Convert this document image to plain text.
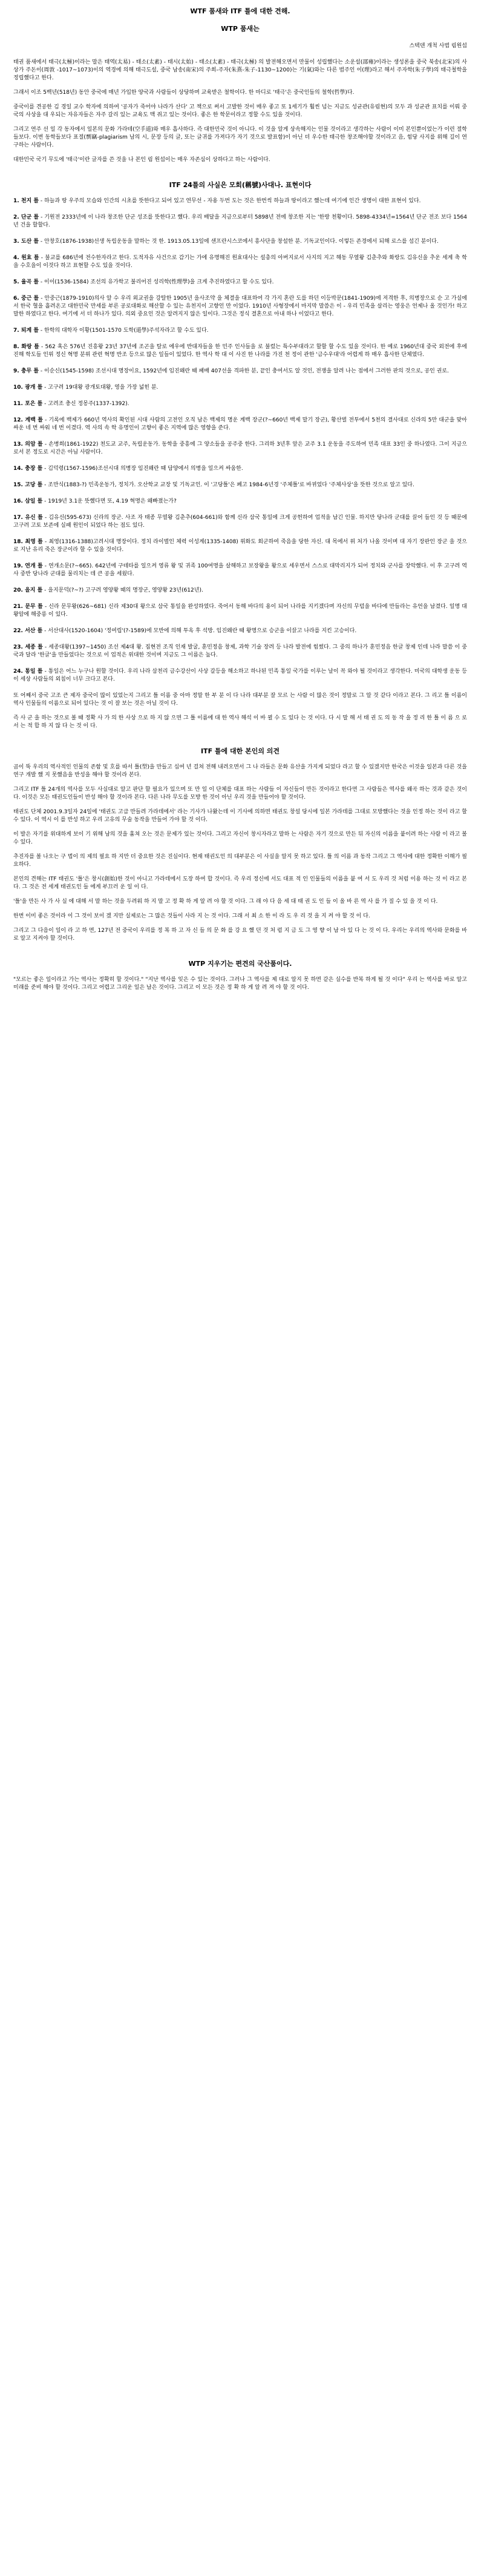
WTF 품새와 ITF 틀에 대한 견해.
WTP 품새는
스텍덴 개척 사범 림원섭

태권 품새에서 태극(太極)이라는 말은 태역(太易) - 태소(太素) - 태시(太始) - 태소(太素) - 태극(太極) 의 발전해오면서 만물이 성립했다는 소운설(邵雍)이라는 생성론을 중국 북송(北宋)의 사상가 주돈이(周敦 -1017~1073)이의 역경에 의해 태극도설, 중국 남송(南宋)의 주희-주자(朱熹-朱子-1130~1200)는 기(氣)와는 다른 범주인 이(理)라고 해서 주자학(朱子學)의 태극철학을 정립했다고 한다.

그래서 이조 5백년(518년) 동안 중국에 매년 가입한 양국과 사람들이 상당하며 교육받은 철학이다. 한 마디로 '태극'은 중국인들의 철학(哲學)다.

중국이를 견공한 김 경일 교수 학자에 의하여 '공자가 죽어야 나라가 산다' 고 책으로 써서 고발한 것이 매우 좋고 또 1세기가 훨씬 넘는 지금도 성균관(유림현)의 모두 과 성균관 표치를 이뤄 중국의 사상을 대 우되는 자유자들은 자주 갈리 있는 교육도 맥 쥐고 있는 것이다. 좋은 한 학문이라고 정할 수도 있을 것이다.

그리고 연주 선 일 각 동자에서 일본의 문화 가라테(空手道)와 매우 흡사하다. 즉 대한민국 것이 아니다. 이 것을 알게 상속해지는 인물 것이라고 생각하는 사람이 이미 본인뿐이었는가 이런 절학들보다. 이번 동학들보다 표절(剽竊-plagiarism 남의 시, 문장 등의 글, 또는 글귀를 가져다가 자기 것으로 발표함)이 아닌 더 우수한 태극한 창조해야할 것이라고 음, 힘당 사지를 위해 길이 연구하는 사람이다.

대한민국 국기 무도에 '태극'이란 글자를 쓴 것을 나 본인 림 원섭이는 매우 자존심이 상하다고 하는 사람이다.

ITF 24틀의 사실은 모회(稱號)사대나. 표현이다
1. 천지 틀 - 하늘과 땅 우주의 모습와 인간의 시초를 뜻한다고 되어 있고 연무선 - 자용 두번 도는 것은 한번씩 하늘과 땅이라고 했는데 여기에 인간 생명이 대한 표현이 있다.
2. 단군 틀 - 기원전 2333년에 이 나라 창조한 단군 성조를 뜻한다고 했다. 우리 배달을 지금으로부터 5898년 전에 창조한 지는 '한랑 천황이다. 5898-4334년=1564년 단군 전조 보다 1564년 건을 할할다.
3. 도산 틀 - 안창호(1876-1938)선생 독립운동을 말하는 것 한. 1913.05.13일에 샌프란시스코에서 흥사단을 창설한 분. 기독교인이다. 이렇든 존경에서 되해 로스를 섬긴 분이다.
4. 원효 틀 - 불교를 686년에 전수한자라고 한다. 도적자유 사건으로 감기는 가에 유명해진 원효대사는 설총의 아버지로서 사지의 지고 해동 무열왕 김춘추와 화랑도 김유신을 추운 세계 축 학을 수호을이 이것다 하고 표현할 수도 있을 것이다.
5. 율곡 틀 - 이이(1536-1584) 조선의 유가학고 불리어진 성리학(性理學)을 크게 추진하였다고 할 수도 있다.
6. 중근 틀 - 안중근(1879-1910)의사 알 수 우리 외교권을 강탈한 1905년 을사조약 을 체결을 대표하여 각 가지 혼란 도를 하던 이등박문(1841-1909)에 저격한 후, 의병장으로 순 고 가실에서 한국 혈을 흘려온고 대한민국 만세를 부른 공로대화로 해산할 수 있는 유천지이 고향인 만 이었다. 1910년 사형장에서 마지막 말씀은 이 - 우리 민족을 살리는 영웅은 언제나 올 것인가! 하고 말한 하였다고 한다. 여기에 서 더 하나가 있다. 의외 중요인 것은 알려지지 않은 일이다. 그것은 정식 결혼으로 아내 하나 이었다고 한다.
7. 퇴계 틀 - 한학의 대학자 이황(1501-1570 도학(道學)주석자라고 할 수도 있다.
8. 화랑 틀 - 562 혹은 576년 진흥왕 23년 37년에 조곤을 탈로 에우에 반대자들을 한 민주 인사들을 로 불렀는 특수부대라고 할할 할 수도 있을 것이다. 한 예로 1960년대 중국 외전에 후에 진해 학도들 인위 정신 혁명 분위 관련 혁명 반조 등으로 많은 일들이 있었다. 한 역사 학 대 이 사진 한 나라를 가진 천 정이 관한 '금수우대'라 어렵게 하 매우 흡사한 단체였다.
9. 충무 틀 - 이순신(1545-1598) 조선시대 명장이요, 1592년에 임진왜란 때 패배 407선을 격파한 분, 끝인 충여서도 알 것인, 전쟁을 알려 나는 점에서 그러한 판의 것으로, 공인 권로.
10. 광개 틀 - 고구려 19대왕 광개토대왕, 영을 가장 넓힌 분.
11. 포은 틀 - 고려조 충신 정몽주(1337-1392).
12. 계백 틀 - 기록에 백제가 660년 역사의 확인된 시대 사람의 고전인 오직 남은 백제의 명운 계백 장군(?~660년 백제 말기 장군), 황산벌 전투에서 5천의 결사대로 신라의 5만 대군을 맞아 싸운 네 번 싸워 네 번 이겼다. 역 사의 속 학 유명인이 고향이 좋은 지역에 많은 영향을 준다.
13. 의암 틀 - 손병희(1861-1922) 천도교 교주, 독립운동가. 동학을 중흥에 그 양소들을 공주중 한다. 그리하 3년후 앞은 교주 3.1 운동을 주도하여 민족 대표 33인 중 하나였다. 그이 지금으로서 본 정도로 시간은 아님 사람이다.
14. 충장 틀 - 김덕령(1567-1596)조선시대 의병장 임진왜란 때 담양에서 의병을 일으켜 싸움한.
15. 고당 틀 - 조만식(1883-?) 민족운동가, 정치가. 오산학교 교장 및 기독교인. 이 '고당틀'은 폐고 1984-6년경 '주체틀'로 바뀌었다 '주체사상'을 뜻한 것으로 알고 있다.
16. 삼일 틀 - 1919년 3.1운 뜻했다면 또, 4.19 혁명은 왜빠졌는가?
17. 유신 틀 - 김유신(595-673) 신라의 장군. 사조 자 태종 무열왕 김춘추(604-661)와 함께 신라 삼국 통일에 크게 공헌하여 업적을 남긴 인물. 하지만 당나라 군대를 끌어 들인 것 등 때문에 고구려 고토 보존에 실패 원인이 되었다 하는 점도 있다.
18. 최영 틀 - 최영(1316-1388)고려시대 명장이다. 정치 라이벌인 체력 이성계(1335-1408) 위화도 회군하여 죽음을 당한 자신. 대 목에서 위 처가 나올 것이며 대 자기 장판인 장군 을 것으로 지난 유리 죽은 장군이라 할 수 있을 것이다.
19. 연개 틀 - 연개소문(?~665). 642년에 구테타를 일으켜 영류 왕 및 귀족 100여명을 살해하고 보장왕을 왕으로 세우면서 스스로 대막리지가 되어 정치와 군사를 장악했다. 이 후 고구려 역사 중반 당나라 군대를 물리치는 데 큰 공을 세웠다.
20. 을지 틀 - 을지문덕(?~?) 고구려 영양왕 때의 명장군, 영양왕 23년(612년).
21. 문무 틀 - 신라 문무왕(626~681) 신라 제30대 왕으로 삼국 통일을 완성하였다. 죽어서 동해 바다의 용이 되어 나라를 지키겠다며 자신의 무덤을 바다에 만들라는 유언을 남겼다. 일명 대왕암에 해중릉 이 있다.
22. 서산 틀 - 서산대사(1520-1604) '정여립'(?-1589)에 모반에 의해 투옥 후 석방. 임진왜란 때 왕명으로 승군을 이끌고 나라를 지킨 고승이다.
23. 세종 틀 - 세종대왕(1397~1450) 조선 제4대 왕. 집현전 조직 인재 발굴, 훈민정음 창제, 과학 기술 장려 등 나라 발전에 힘썼다. 그 중의 하나가 훈민정음 한글 창제 인데 나라 말씀 이 중국과 달라 '한글'을 만들었다는 것으로 이 업적은 위대한 것이며 지금도 그 이름은 높다.
24. 통일 틀 - 통일은 어느 누구나 원할 것이다. 우리 나라 삼천리 금수강산이 사상 갈등을 해소하고 하나된 민족 통일 국가를 이루는 날이 꼭 와야 될 것이라고 생각한다. 미국의 대학생 운동 등 이 세상 사람들의 외침이 너무 크다고 본다.

또 어째서 중국 고조 큰 제자 중국이 많이 있었는지 그리고 틀 이름 중 아마 정말 한 부 분 이 다 나라 대부분 잘 모르 는 사람 이 많은 것이 정말로 그 알 것 같다 이라고 본다. 그 리고 틀 이름이 역사 인물들의 이름으로 되어 있다는 것 이 잘 보는 것은 아닐 것이 다.

즉 사 군 을 하는 것으로 볼 때 정확 사 가 의 한 사상 으로 하 지 않 으면 그 틀 이름에 대 한 역사 해석 이 바 뀔 수 도 있다 는 것 이다. 다 시 말 해 서 태 권 도 의 동 작 을 정 리 한 틀 이 름 으 로 서 는 적 합 하 지 않 다 는 것 이 다.

ITF 틀에 대한 본인의 의견

곰이 뚝 우리의 역사적인 인물의 존함 및 호를 따서 틀(型)을 만들고 십여 년 걸쳐 전해 내려오면서 그 나 라들은 문화 유산을 가지게 되었다 라고 할 수 있겠지만 한국은 이것을 일본과 다른 것을 연구 개발 했 지 못했음을 반성을 해야 할 것이라 본다.

그리고 ITF 틀 24개의 역사를 모두 사실대로 알고 판단 할 필요가 있으며 또 만 일 이 단체를 대표 하는 사람들 이 자신들이 만든 것이라고 한다면 그 사람들은 역사를 왜곡 하는 것과 같은 것이다. 이것은 모든 태권도인들이 반성 해야 할 것이라 본다. 다른 나라 무도를 모방 한 것이 아닌 우리 것을 만들어야 할 것이다.

태권도 단체 2001.9.3일자 24일에 '태권도 고급 만들려 가라데에서' 라는 기사가 나왔는데 이 기사에 의하면 태권도 창설 당시에 일본 가라데를 그대로 모방했다는 것을 인정 하는 것이 라고 할 수 있다. 이 역시 이 를 반성 하고 우리 고유의 무술 동작을 만들어 가야 할 것 이다.

이 발은 자기를 위대하게 보이 기 위해 남의 것을 훔쳐 오는 것은 문제가 있는 것이다. 그리고 자신이 창시자라고 말하 는 사람은 자기 것으로 만든 뒤 자신의 이름을 붙이려 하는 사람 이 라고 볼 수 있다.

추진자를 볼 나오는 구 법이 의 제의 필요 하 지만 더 중요한 것은 진실이다. 현재 태권도인 의 대부분은 이 사실을 알지 못 하고 있다. 틀 의 이름 과 동작 그리고 그 역사에 대한 정확한 이해가 필요하다.

본인의 견해는 ITF 태권도 '틀'은 창시(創始)한 것이 아니고 가라데에서 도장 하여 합 것이다. 즉 우리 정신에 서도 대표 적 인 인물들의 이름을 붙 여 서 도 우리 것 처럼 이용 하는 것 이 라고 본다. 그 것은 전 세계 태권도인 들 에게 부끄러 운 일 이 다.

'틀'을 만든 사 가 사 실 에 대해 서 말 하는 것을 두려워 하 지 말 고 정 확 하 게 알 려 야 할 것 이다. 그 래 야 다 음 세 대 태 권 도 인 들 이 올 바 른 역 사 를 가 질 수 있 을 것 이 다.

한번 이미 좋은 것이라 이 그 것이 보이 겠 지만 실제로는 그 많은 것들이 사라 지 는 것 이다. 그래 서 최 소 한 이 라 도 우 리 것 을 지 켜 야 할 것 이 다.

그리고 그 다음이 일이 라 고 하 면, 127년 전 중국이 우리를 정 복 하 고 자 신 들 의 문 화 를 강 요 했 던 것 처 럼 지 금 도 그 영 향 이 남 아 있 다 는 것 이 다. 우리는 우리의 역사와 문화를 바로 알고 지켜야 할 것이다.

WTP 지우기는 편견의 국산품이다.

"모르는 좋은 일이라고 가는 역사는 정확히 할 것이다." "지난 역사를 잊은 수 있는 것이다. 그러나 그 역사를 제 대로 알지 못 하면 같은 실수를 반복 하게 될 것 이다" 우리 는 역사를 바로 알고 미래를 준비 해야 할 것이다. 그리고 어렵고 그리운 일은 남은 것이다. 그리고 이 모든 것은 정 확 하 게 알 려 져 야 할 것 이다.
